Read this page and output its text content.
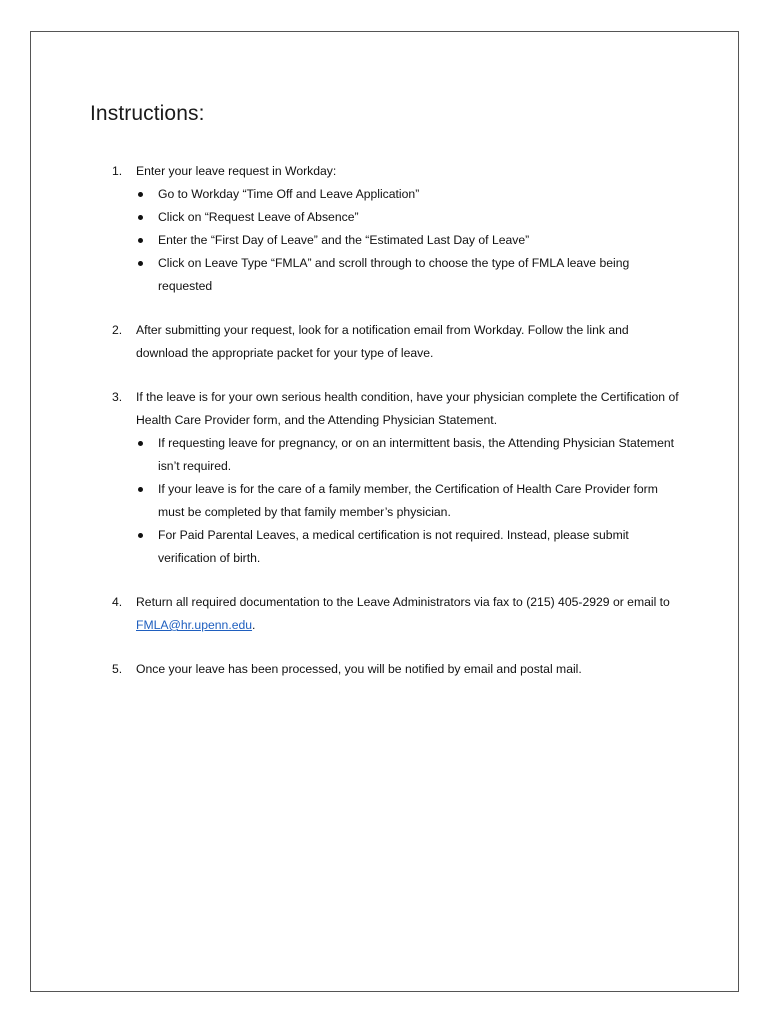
Instructions:
1. Enter your leave request in Workday:
Go to Workday “Time Off and Leave Application”
Click on “Request Leave of Absence”
Enter the “First Day of Leave” and the “Estimated Last Day of Leave”
Click on Leave Type “FMLA” and scroll through to choose the type of FMLA leave being requested
2. After submitting your request, look for a notification email from Workday. Follow the link and download the appropriate packet for your type of leave.
3. If the leave is for your own serious health condition, have your physician complete the Certification of Health Care Provider form, and the Attending Physician Statement.
If requesting leave for pregnancy, or on an intermittent basis, the Attending Physician Statement isn’t required.
If your leave is for the care of a family member, the Certification of Health Care Provider form must be completed by that family member’s physician.
For Paid Parental Leaves, a medical certification is not required. Instead, please submit verification of birth.
4. Return all required documentation to the Leave Administrators via fax to (215) 405-2929 or email to FMLA@hr.upenn.edu.
5. Once your leave has been processed, you will be notified by email and postal mail.
